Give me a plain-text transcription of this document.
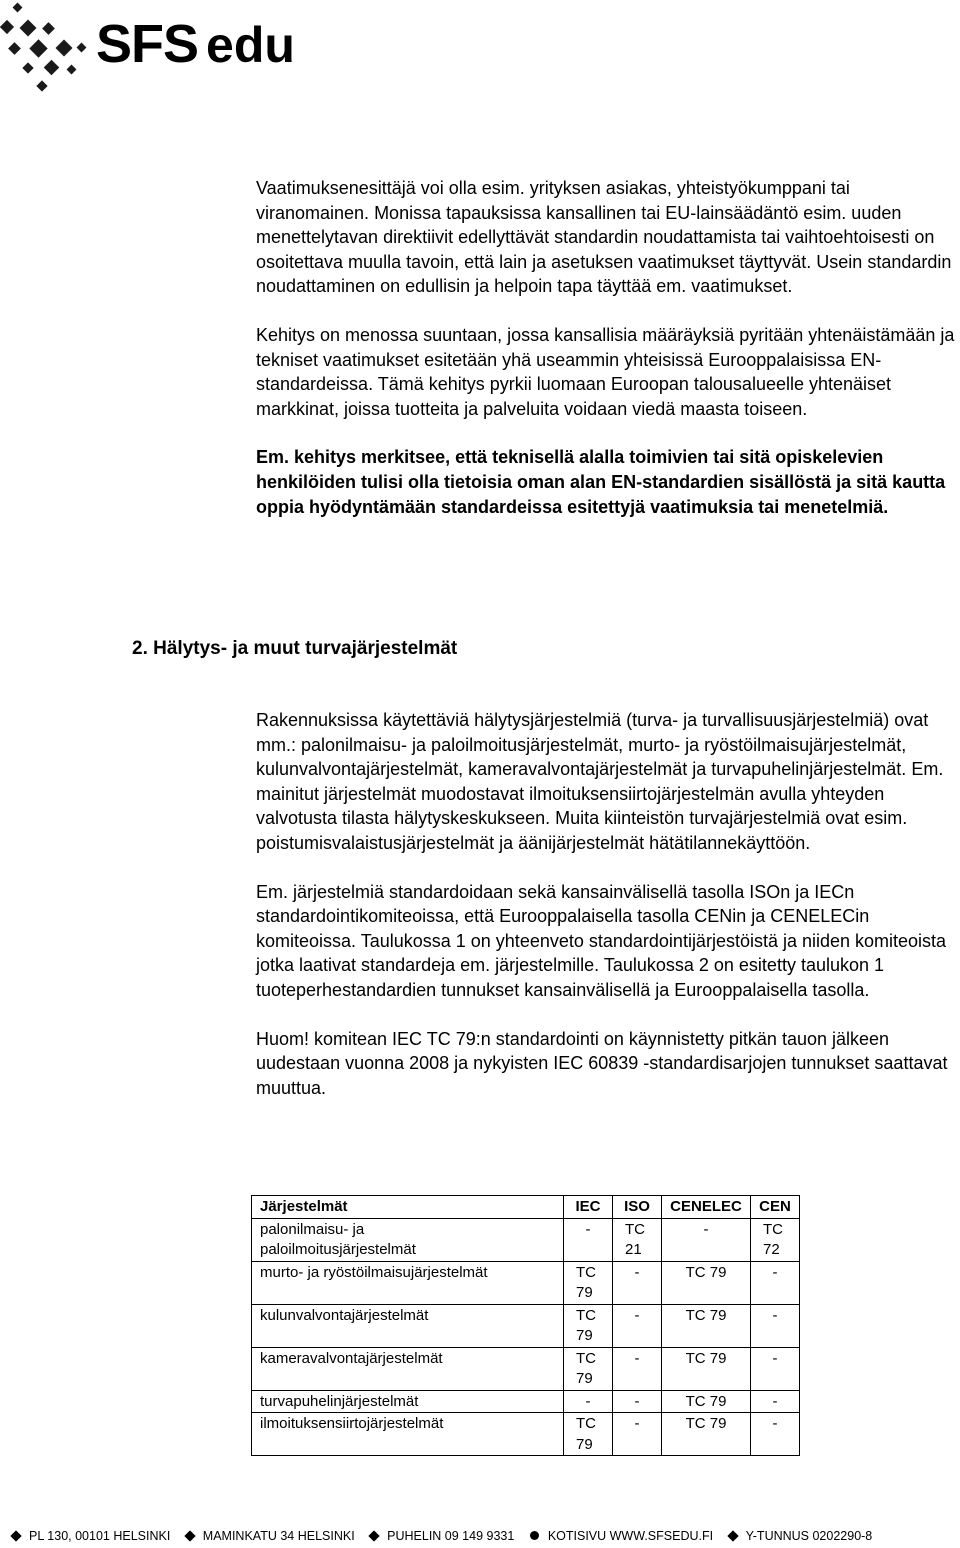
SFS edu

Vaatimuksenesittäjä voi olla esim. yrityksen asiakas, yhteistyökumppani tai viranomainen. Monissa tapauksissa kansallinen tai EU-lainsäädäntö esim. uuden menettelytavan direktiivit edellyttävät standardin noudattamista tai vaihtoehtoisesti on osoitettava muulla tavoin, että lain ja asetuksen vaatimukset täyttyvät. Usein standardin noudattaminen on edullisin ja helpoin tapa täyttää em. vaatimukset.

Kehitys on menossa suuntaan, jossa kansallisia määräyksiä pyritään yhtenäistämään ja tekniset vaatimukset esitetään yhä useammin yhteisissä Eurooppalaisissa EN-standardeissa. Tämä kehitys pyrkii luomaan Euroopan talousalueelle yhtenäiset markkinat, joissa tuotteita ja palveluita voidaan viedä maasta toiseen.

Em. kehitys merkitsee, että teknisellä alalla toimivien tai sitä opiskelevien henkilöiden tulisi olla tietoisia oman alan EN-standardien sisällöstä ja sitä kautta oppia hyödyntämään standardeissa esitettyjä vaatimuksia tai menetelmiä.

2. Hälytys- ja muut turvajärjestelmät

Rakennuksissa käytettäviä hälytysjärjestelmiä (turva- ja turvallisuusjärjestelmiä) ovat mm.: palonilmaisu- ja paloilmoitusjärjestelmät, murto- ja ryöstöilmaisujärjestelmät, kulunvalvontajärjestelmät, kameravalvontajärjestelmät ja turvapuhelinjärjestelmät. Em. mainitut järjestelmät muodostavat ilmoituksensiirtojärjestelmän avulla yhteyden valvotusta tilasta hälytyskeskukseen. Muita kiinteistön turvajärjestelmiä ovat esim. poistumisvalaistusjärjestelmät ja äänijärjestelmät hätätilannekäyttöön.

Em. järjestelmiä standardoidaan sekä kansainvälisellä tasolla ISOn ja IECn standardointikomiteoissa, että Eurooppalaisella tasolla CENin ja CENELECin komiteoissa. Taulukossa 1 on yhteenveto standardointijärjestöistä ja niiden komiteoista jotka laativat standardeja em. järjestelmille. Taulukossa 2 on esitetty taulukon 1 tuoteperhestandardien tunnukset kansainvälisellä ja Eurooppalaisella tasolla.

Huom! komitean IEC TC 79:n standardointi on käynnistetty pitkän tauon jälkeen uudestaan vuonna 2008 ja nykyisten IEC 60839 -standardisarjojen tunnukset saattavat muuttua.

Järjestelmät	IEC	ISO	CENELEC	CEN
palonilmaisu- ja paloilmoitusjärjestelmät	-	TC 21	-	TC 72
murto- ja ryöstöilmaisujärjestelmät	TC 79	-	TC 79	-
kulunvalvontajärjestelmät	TC 79	-	TC 79	-
kameravalvontajärjestelmät	TC 79	-	TC 79	-
turvapuhelinjärjestelmät	-	-	TC 79	-
ilmoituksensiirtojärjestelmät	TC 79	-	TC 79	-
PL 130, 00101 HELSINKI	MAMINKATU 34 HELSINKI	PUHELIN 09 149 9331	KOTISIVU WWW.SFSEDU.FI	Y-TUNNUS 0202290-8
